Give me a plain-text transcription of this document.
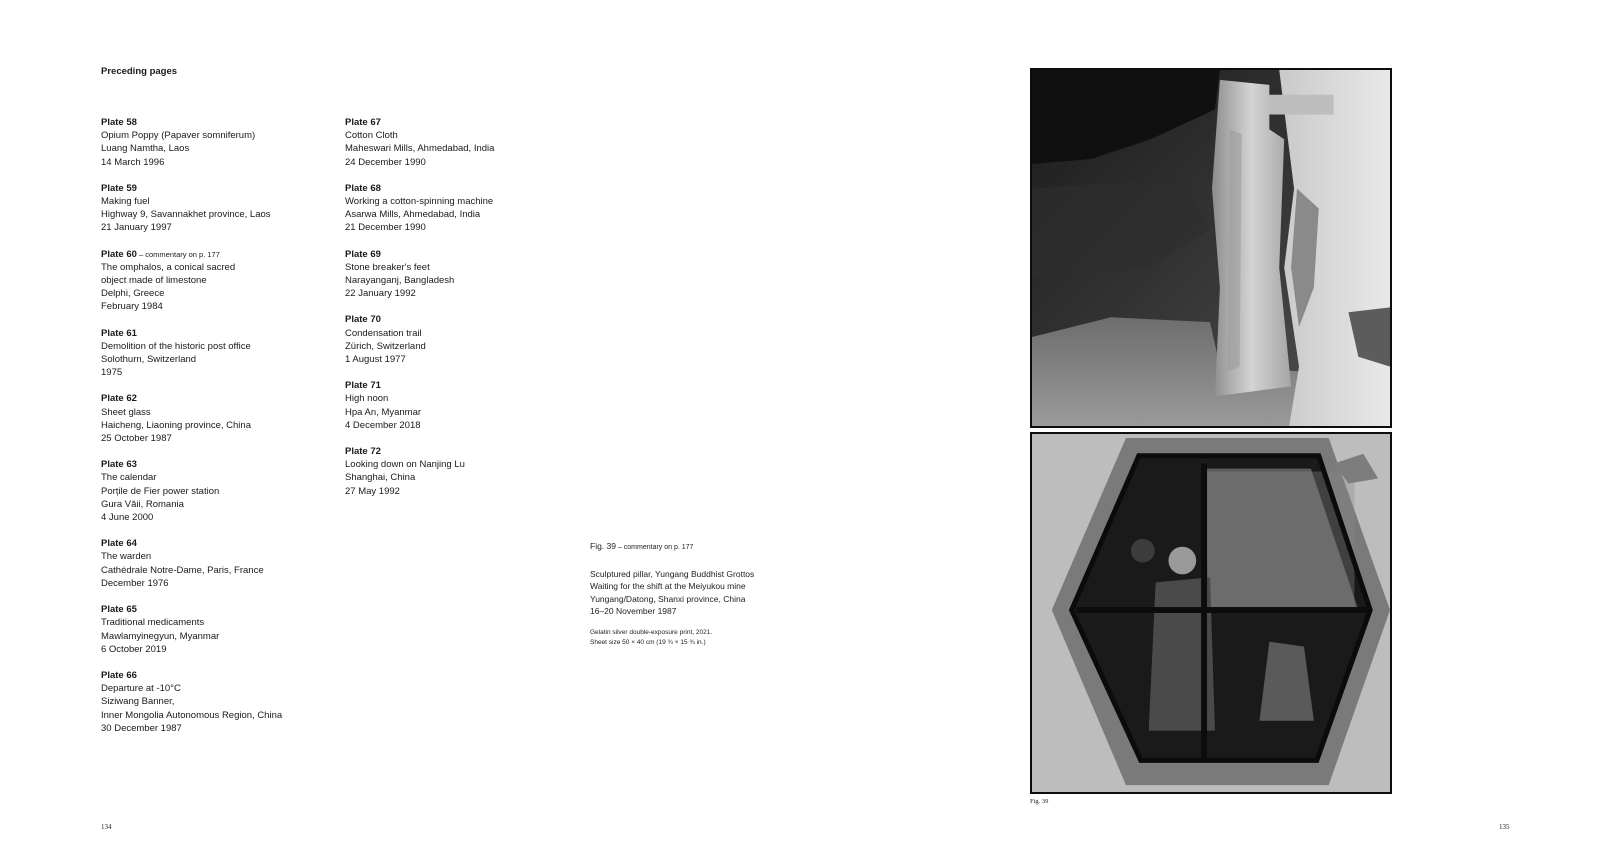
Preceding pages
Plate 58
Opium Poppy (Papaver somniferum)
Luang Namtha, Laos
14 March 1996
Plate 59
Making fuel
Highway 9, Savannakhet province, Laos
21 January 1997
Plate 60 – commentary on p. 177
The omphalos, a conical sacred
object made of limestone
Delphi, Greece
February 1984
Plate 61
Demolition of the historic post office
Solothurn, Switzerland
1975
Plate 62
Sheet glass
Haicheng, Liaoning province, China
25 October 1987
Plate 63
The calendar
Porțile de Fier power station
Gura Văii, Romania
4 June 2000
Plate 64
The warden
Cathédrale Notre-Dame, Paris, France
December 1976
Plate 65
Traditional medicaments
Mawlamyinegyun, Myanmar
6 October 2019
Plate 66
Departure at -10°C
Siziwang Banner,
Inner Mongolia Autonomous Region, China
30 December 1987
Plate 67
Cotton Cloth
Maheswari Mills, Ahmedabad, India
24 December 1990
Plate 68
Working a cotton-spinning machine
Asarwa Mills, Ahmedabad, India
21 December 1990
Plate 69
Stone breaker's feet
Narayanganj, Bangladesh
22 January 1992
Plate 70
Condensation trail
Zürich, Switzerland
1 August 1977
Plate 71
High noon
Hpa An, Myanmar
4 December 2018
Plate 72
Looking down on Nanjing Lu
Shanghai, China
27 May 1992
Fig. 39 – commentary on p. 177
Sculptured pillar, Yungang Buddhist Grottos
Waiting for the shift at the Meiyukou mine
Yungang/Datong, Shanxi province, China
16–20 November 1987
Gelatin silver double-exposure print, 2021.
Sheet size 50 × 40 cm (19 ¾ × 15 ¾ in.)
Fig. 39
134	135
